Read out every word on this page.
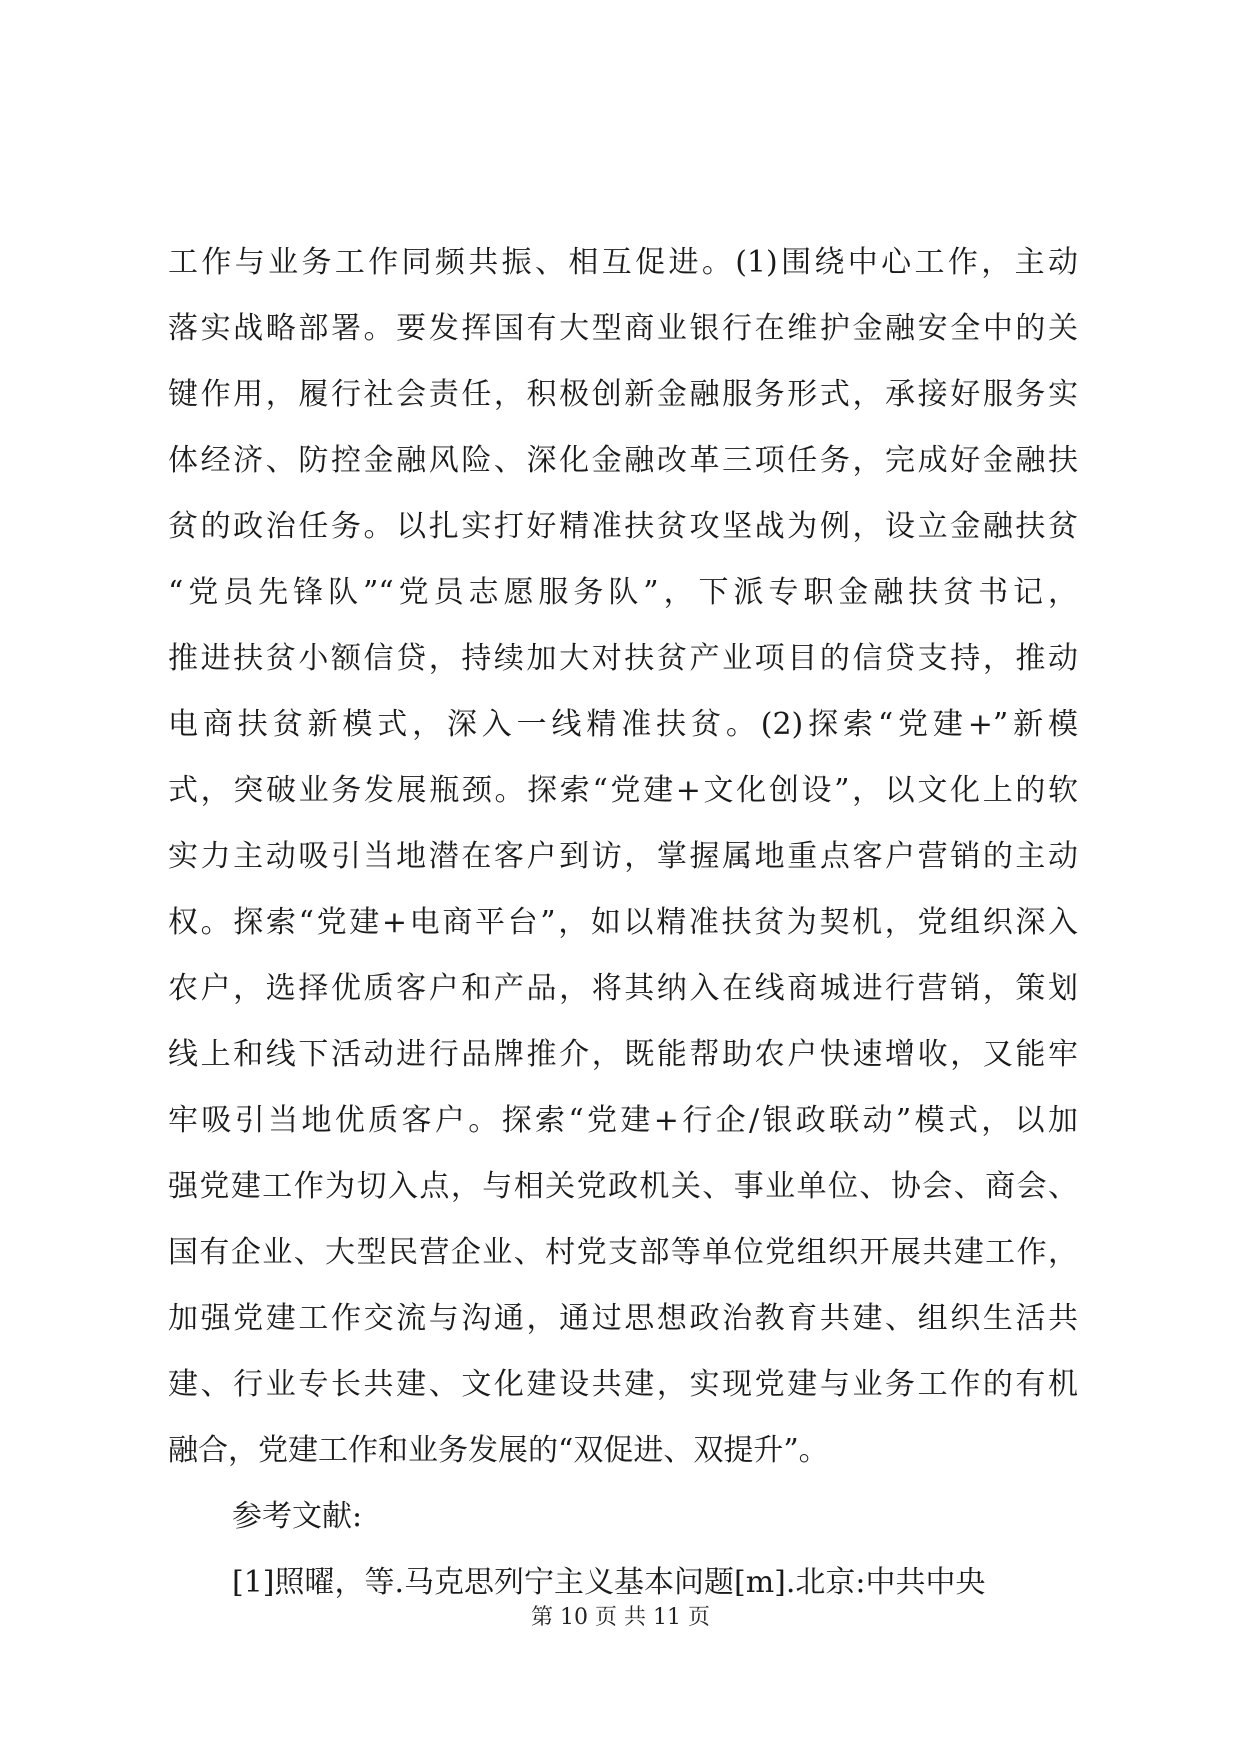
工作与业务工作同频共振、相互促进。(1)围绕中心工作，主动
落实战略部署。要发挥国有大型商业银行在维护金融安全中的关
键作用，履行社会责任，积极创新金融服务形式，承接好服务实
体经济、防控金融风险、深化金融改革三项任务，完成好金融扶
贫的政治任务。以扎实打好精准扶贫攻坚战为例，设立金融扶贫
“党员先锋队”“党员志愿服务队”，下派专职金融扶贫书记，
推进扶贫小额信贷，持续加大对扶贫产业项目的信贷支持，推动
电商扶贫新模式，深入一线精准扶贫。(2)探索“党建+”新模
式，突破业务发展瓶颈。探索“党建+文化创设”，以文化上的软
实力主动吸引当地潜在客户到访，掌握属地重点客户营销的主动
权。探索“党建+电商平台”，如以精准扶贫为契机，党组织深入
农户，选择优质客户和产品，将其纳入在线商城进行营销，策划
线上和线下活动进行品牌推介，既能帮助农户快速增收，又能牢
牢吸引当地优质客户。探索“党建+行企/银政联动”模式，以加
强党建工作为切入点，与相关党政机关、事业单位、协会、商会、
国有企业、大型民营企业、村党支部等单位党组织开展共建工作，
加强党建工作交流与沟通，通过思想政治教育共建、组织生活共
建、行业专长共建、文化建设共建，实现党建与业务工作的有机
融合，党建工作和业务发展的“双促进、双提升”。
参考文献:
[1]照曜，等.马克思列宁主义基本问题[m].北京:中共中央
第 10 页 共 11 页
